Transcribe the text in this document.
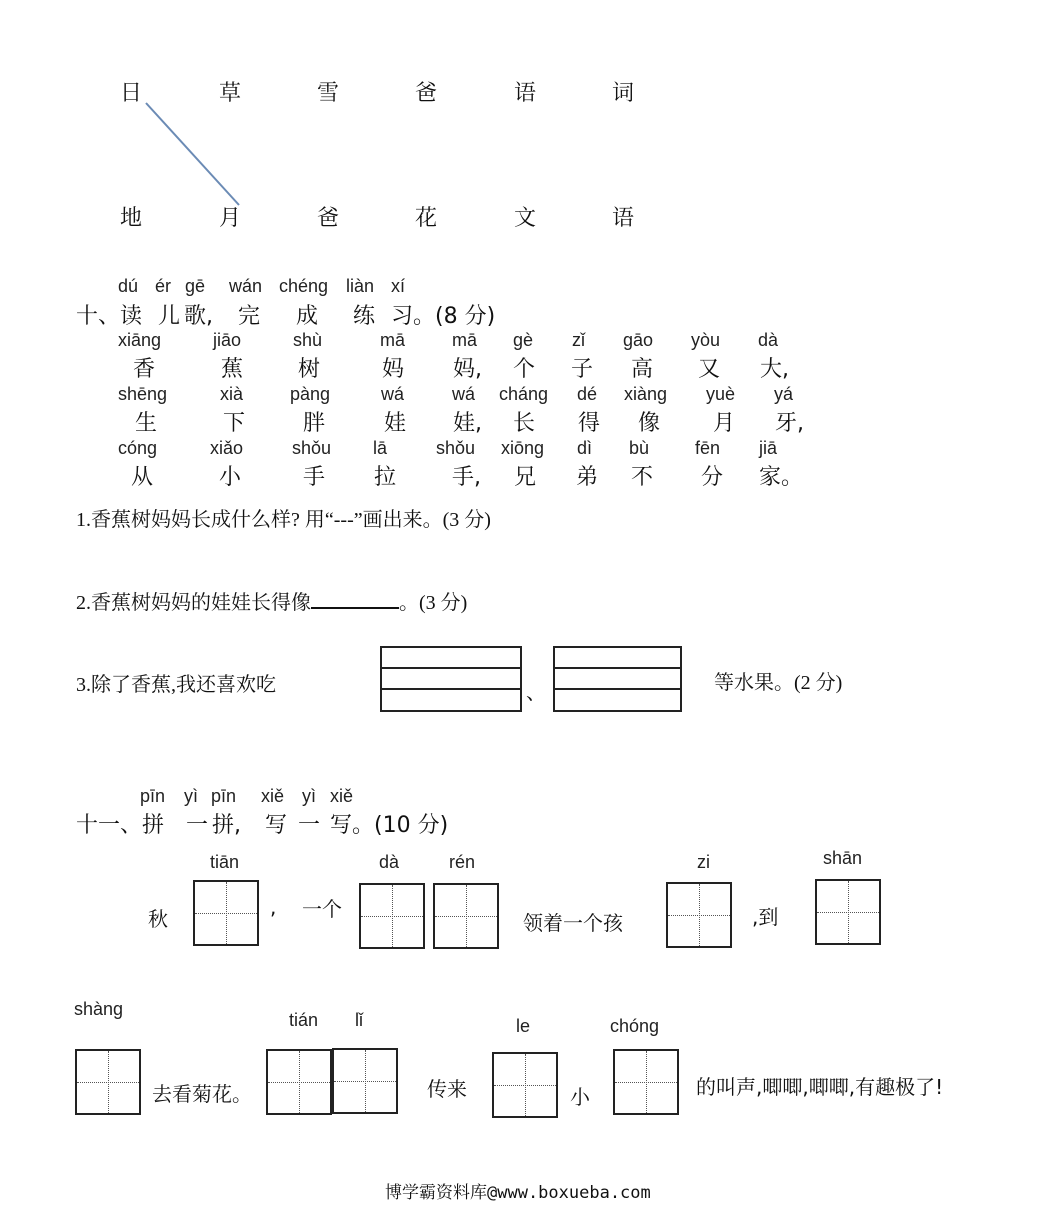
日	草	雪	爸	语	词
地	月	爸	花	文	语
dú ér gē wán chéng liàn xí
十、读 儿 歌, 完 成 练 习。(8 分)
xiāng	jiāo	shù	mā	mā gè zǐ gāo yòu dà
香	蕉 树	妈 妈, 个 子 高 又 大,
shēng	xià	pàng	wá	wá cháng dé xiàng yuè yá
生	下	胖	娃 娃, 长 得 像 月 牙,
cóng	xiǎo	shǒu lā	shǒu xiōng dì bù	fēn jiā
从	小	手 拉	手, 兄 弟 不 分 家。
1.香蕉树妈妈长成什么样? 用“---”画出来。(3 分)
2.香蕉树妈妈的娃娃长得像	。(3 分)
3.除了香蕉,我还喜欢吃	、	等水果。(2 分)
pīn yì pīn xiě yì xiě
十一、拼 一 拼, 写 一 写。(10 分)
tiān	dà	rén	zi	shān
秋	, 一个
领着一个孩	,到
shàng
tián lǐ	le	chóng
去看菊花。	传来	小	的叫声,唧唧,唧唧,有趣极了!
博学霸资料库@www.boxueba.com
